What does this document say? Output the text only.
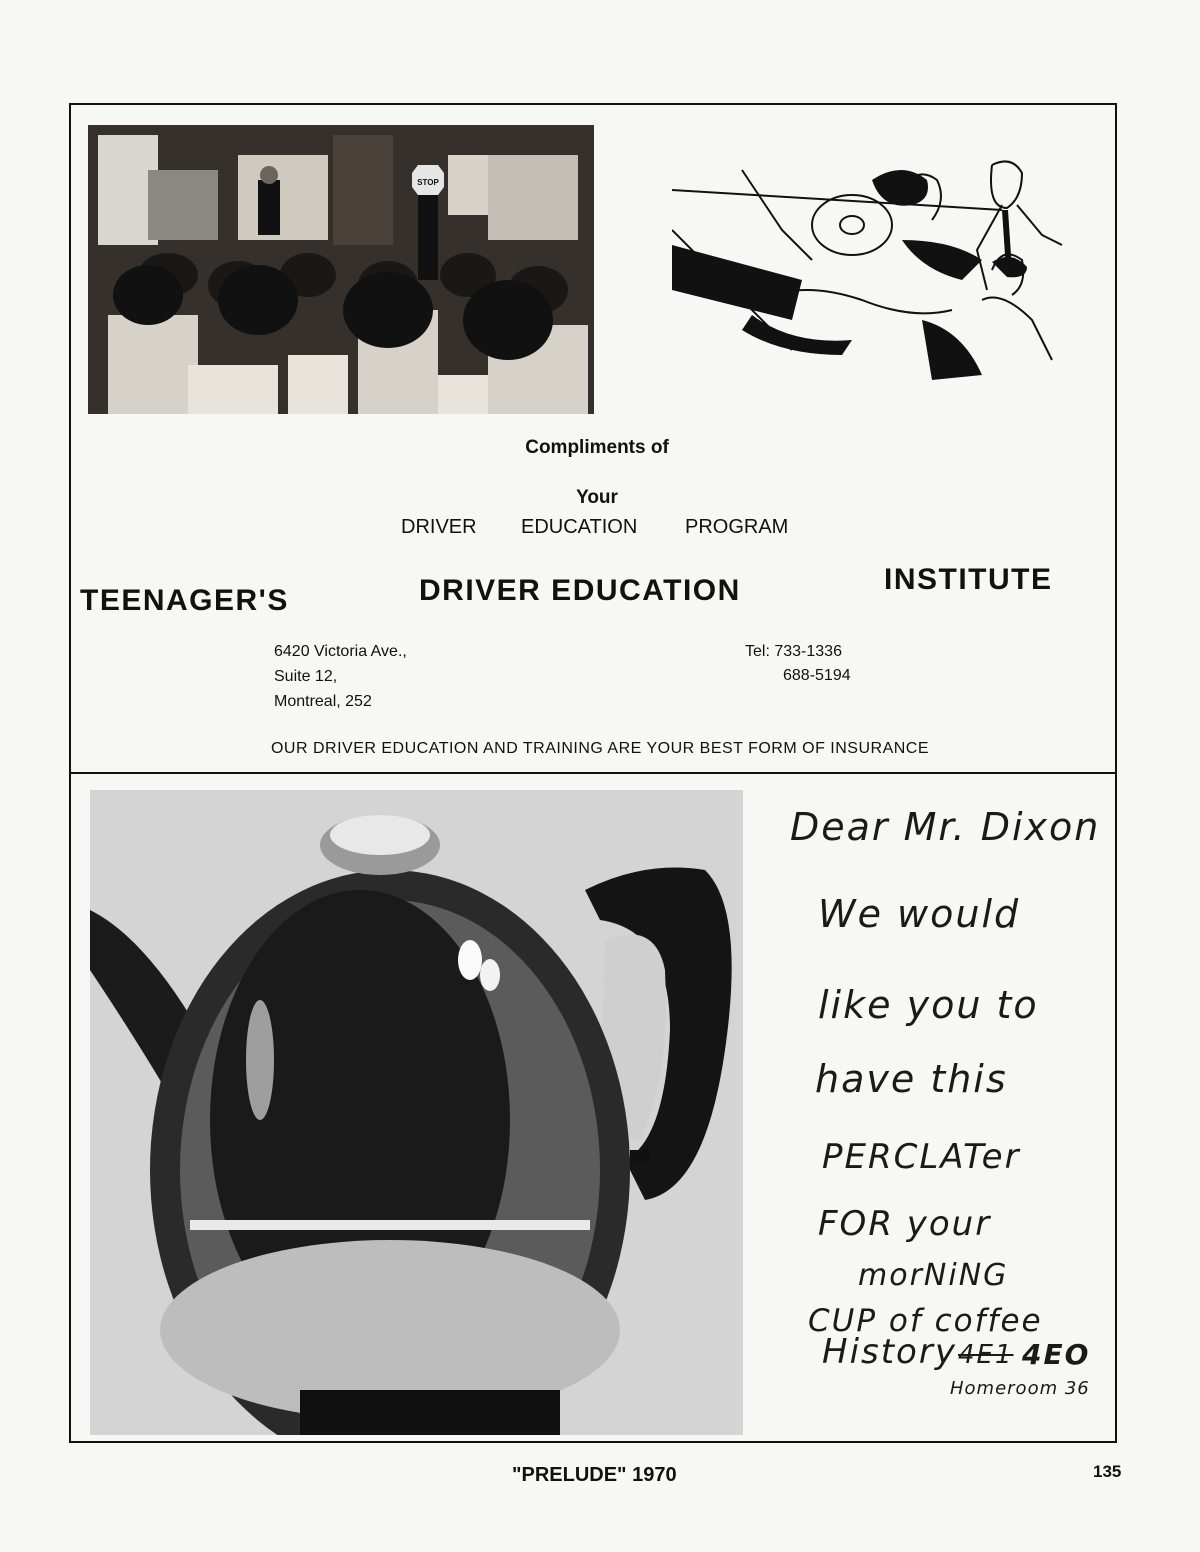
STOP
Compliments of
Your
DRIVER EDUCATION PROGRAM
TEENAGER'S	DRIVER EDUCATION	INSTITUTE
6420 Victoria Ave.,
Suite 12,
Montreal, 252
Tel: 733-1336
688-5194
OUR DRIVER EDUCATION AND TRAINING ARE YOUR BEST FORM OF INSURANCE
Dear Mr. Dixon
We would
like you to
have this
PERCLATer
FOR your
morNiNG
CUP of coffee
History 4E1 4EO
Homeroom 36
"PRELUDE" 1970	135
